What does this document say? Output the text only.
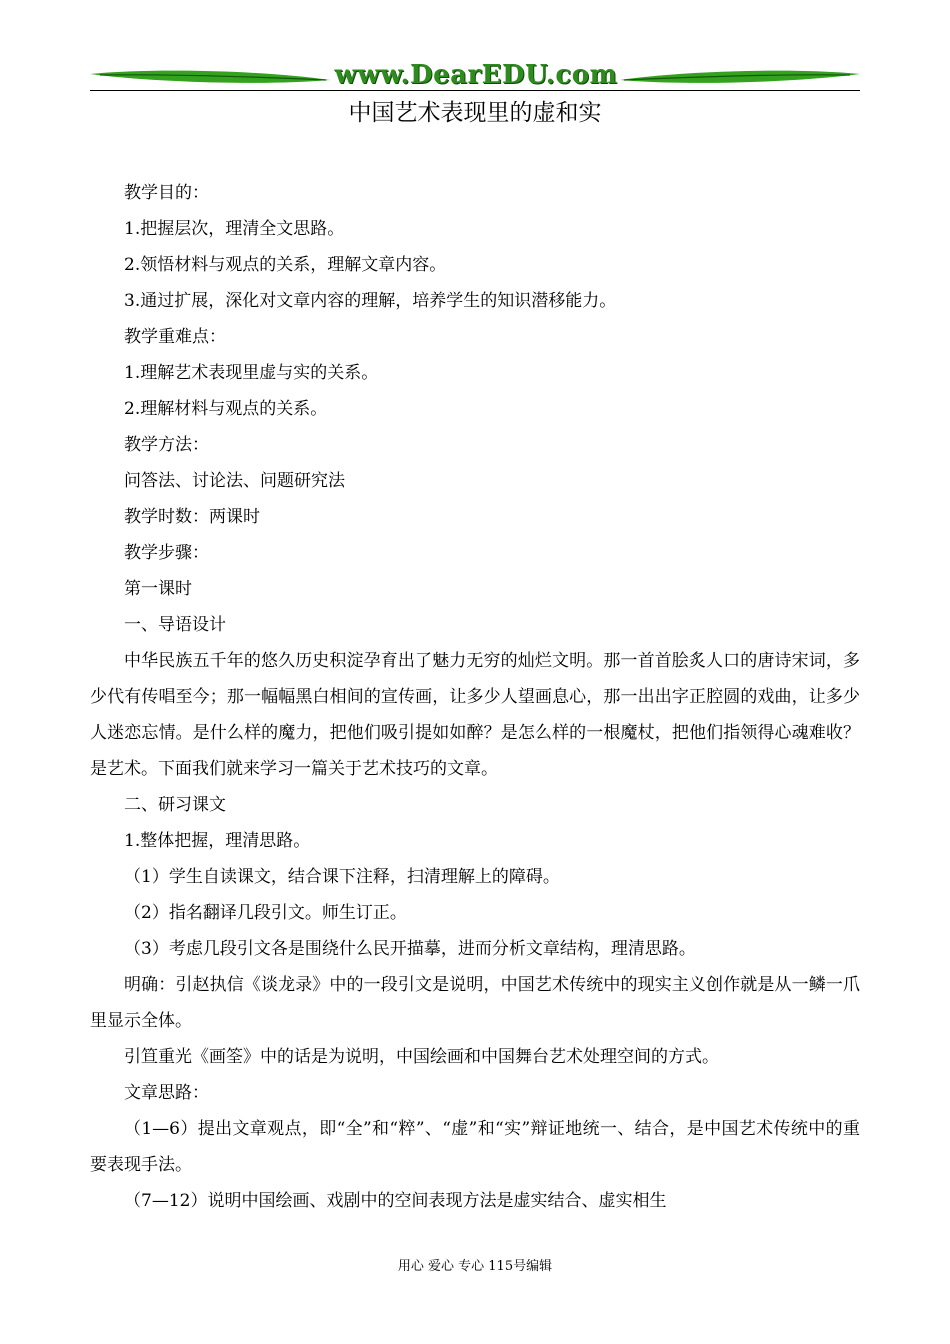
www.DearEDU.com
中国艺术表现里的虚和实

教学目的：

1.把握层次，理清全文思路。

2.领悟材料与观点的关系，理解文章内容。

3.通过扩展，深化对文章内容的理解，培养学生的知识潜移能力。

教学重难点：

1.理解艺术表现里虚与实的关系。

2.理解材料与观点的关系。

教学方法：

问答法、讨论法、问题研究法

教学时数：两课时

教学步骤：

第一课时

一、导语设计

中华民族五千年的悠久历史积淀孕育出了魅力无穷的灿烂文明。那一首首脍炙人口的唐诗宋词，多少代有传唱至今；那一幅幅黑白相间的宣传画，让多少人望画息心，那一出出字正腔圆的戏曲，让多少人迷恋忘情。是什么样的魔力，把他们吸引提如如醉？是怎么样的一根魔杖，把他们指领得心魂难收？是艺术。下面我们就来学习一篇关于艺术技巧的文章。

二、研习课文

1.整体把握，理清思路。

（1）学生自读课文，结合课下注释，扫清理解上的障碍。

（2）指名翻译几段引文。师生订正。

（3）考虑几段引文各是围绕什么民开描摹，进而分析文章结构，理清思路。

明确：引赵执信《谈龙录》中的一段引文是说明，中国艺术传统中的现实主义创作就是从一鳞一爪里显示全体。

引笪重光《画筌》中的话是为说明，中国绘画和中国舞台艺术处理空间的方式。

文章思路：

（1—6）提出文章观点，即“全”和“粹”、“虚”和“实”辩证地统一、结合，是中国艺术传统中的重要表现手法。

（7—12）说明中国绘画、戏剧中的空间表现方法是虚实结合、虚实相生

用心 爱心 专心 115号编辑
